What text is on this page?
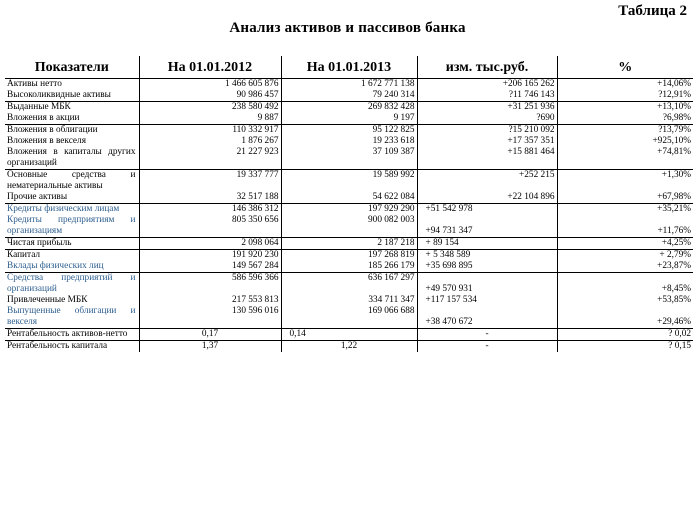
Таблица 2
Анализ активов и пассивов банка
Показатели	На 01.01.2012	На 01.01.2013	изм. тыс.руб.	%
Активы нетто	1 466 605 876	1 672 771 138	+206 165 262	+14,06%
Высоколиквидные активы	90 986 457	79 240 314	?11 746 143	?12,91%
Выданные МБК	238 580 492	269 832 428	+31 251 936	+13,10%
Вложения в акции	9 887	9 197	?690	?6,98%
Вложения в облигации	110 332 917	95 122 825	?15 210 092	?13,79%
Вложения в векселя	1 876 267	19 233 618	+17 357 351	+925,10%
Вложения в капиталы других организаций	21 227 923	37 109 387	+15 881 464	+74,81%
Основные средства и нематериальные активы	19 337 777	19 589 992	+252 215	+1,30%
Прочие активы	32 517 188	54 622 084	+22 104 896	+67,98%
Кредиты физическим лицам	146 386 312	197 929 290	+51 542 978	+35,21%
Кредиты предприятиям и организациям	805 350 656	900 082 003	+94 731 347	+11,76%
Чистая прибыль	2 098 064	2 187 218	+ 89 154	+4,25%
Капитал	191 920 230	197 268 819	+ 5 348 589	+ 2,79%
Вклады физических лиц	149 567 284	185 266 179	+35 698 895	+23,87%
Средства предприятий и организаций	586 596 366	636 167 297	+49 570 931	+8,45%
Привлеченные МБК	217 553 813	334 711 347	+117 157 534	+53,85%
Выпущенные облигации и векселя	130 596 016	169 066 688	+38 470 672	+29,46%
Рентабельность активов-нетто	0,17	0,14	-	? 0,02
Рентабельность капитала	1,37	1,22	-	? 0,15
